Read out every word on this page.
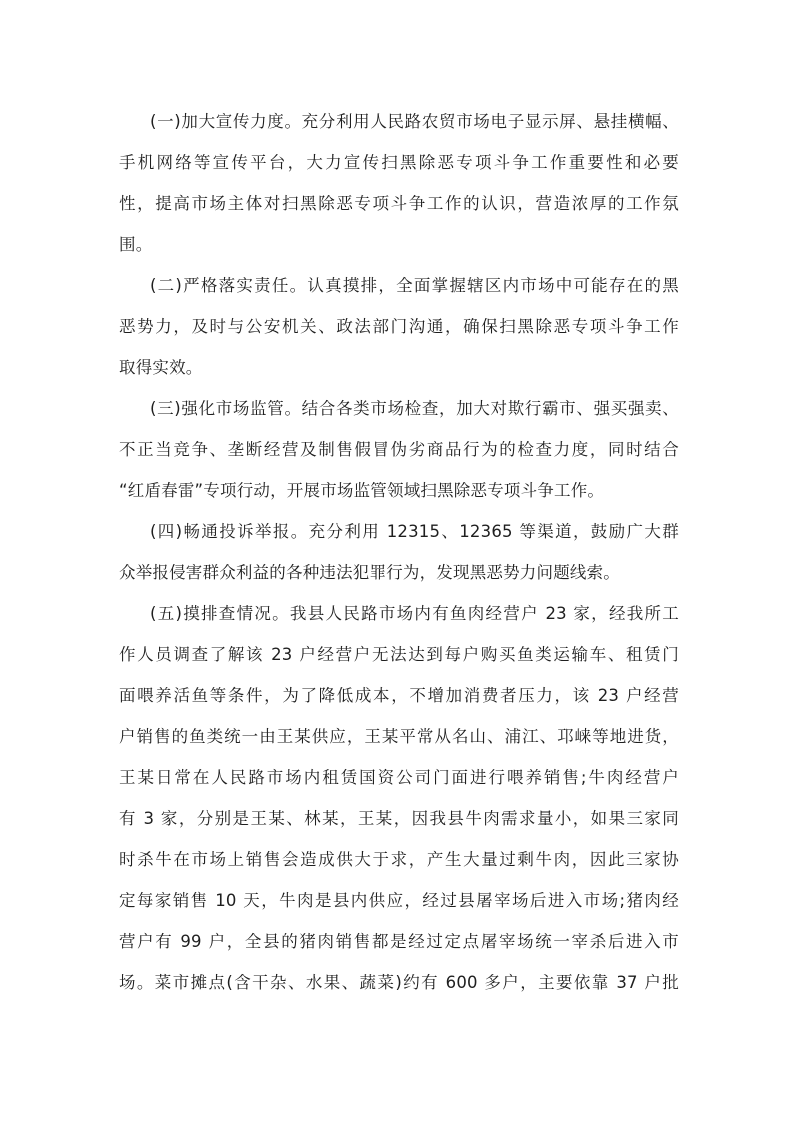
(一)加大宣传力度。充分利用人民路农贸市场电子显示屏、悬挂横幅、
手机网络等宣传平台，大力宣传扫黑除恶专项斗争工作重要性和必要
性，提高市场主体对扫黑除恶专项斗争工作的认识，营造浓厚的工作氛
围。

(二)严格落实责任。认真摸排，全面掌握辖区内市场中可能存在的黑
恶势力，及时与公安机关、政法部门沟通，确保扫黑除恶专项斗争工作
取得实效。

(三)强化市场监管。结合各类市场检查，加大对欺行霸市、强买强卖、
不正当竞争、垄断经营及制售假冒伪劣商品行为的检查力度，同时结合
“红盾春雷”专项行动，开展市场监管领域扫黑除恶专项斗争工作。

(四)畅通投诉举报。充分利用 12315、12365 等渠道，鼓励广大群
众举报侵害群众利益的各种违法犯罪行为，发现黑恶势力问题线索。

(五)摸排查情况。我县人民路市场内有鱼肉经营户 23 家，经我所工
作人员调查了解该 23 户经营户无法达到每户购买鱼类运输车、租赁门
面喂养活鱼等条件，为了降低成本，不增加消费者压力，该 23 户经营
户销售的鱼类统一由王某供应，王某平常从名山、浦江、邛崃等地进货，
王某日常在人民路市场内租赁国资公司门面进行喂养销售;牛肉经营户
有 3 家，分别是王某、林某，王某，因我县牛肉需求量小，如果三家同
时杀牛在市场上销售会造成供大于求，产生大量过剩牛肉，因此三家协
定每家销售 10 天，牛肉是县内供应，经过县屠宰场后进入市场;猪肉经
营户有 99 户，全县的猪肉销售都是经过定点屠宰场统一宰杀后进入市
场。菜市摊点(含干杂、水果、蔬菜)约有 600 多户，主要依靠 37 户批
